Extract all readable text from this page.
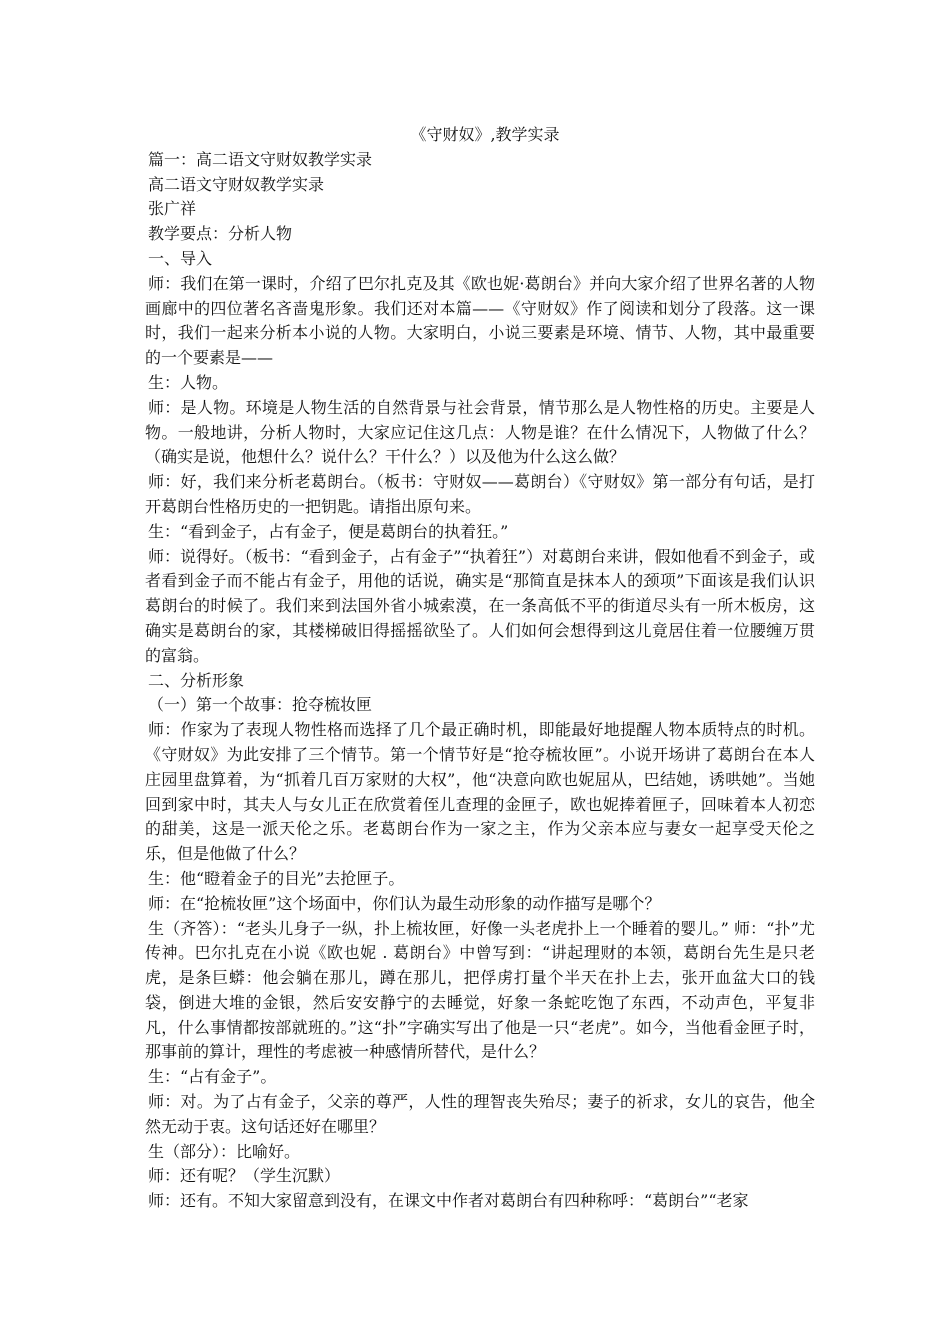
《守财奴》,教学实录

篇一：高二语文守财奴教学实录

高二语文守财奴教学实录

张广祥

教学要点：分析人物

一、导入

师：我们在第一课时，介绍了巴尔扎克及其《欧也妮·葛朗台》并向大家介绍了世界名著的人物画廊中的四位著名吝啬鬼形象。我们还对本篇——《守财奴》作了阅读和划分了段落。这一课时，我们一起来分析本小说的人物。大家明白，小说三要素是环境、情节、人物，其中最重要的一个要素是——

生：人物。

师：是人物。环境是人物生活的自然背景与社会背景，情节那么是人物性格的历史。主要是人物。一般地讲，分析人物时，大家应记住这几点：人物是谁？在什么情况下，人物做了什么？（确实是说，他想什么？说什么？干什么？）以及他为什么这么做？

师：好，我们来分析老葛朗台。（板书：守财奴——葛朗台）《守财奴》第一部分有句话，是打开葛朗台性格历史的一把钥匙。请指出原句来。

生：“看到金子，占有金子，便是葛朗台的执着狂。”

师：说得好。（板书：“看到金子，占有金子”“执着狂”）对葛朗台来讲，假如他看不到金子，或者看到金子而不能占有金子，用他的话说，确实是“那简直是抹本人的颈项”下面该是我们认识葛朗台的时候了。我们来到法国外省小城索漠，在一条高低不平的街道尽头有一所木板房，这确实是葛朗台的家，其楼梯破旧得摇摇欲坠了。人们如何会想得到这儿竟居住着一位腰缠万贯的富翁。

二、分析形象

（一）第一个故事：抢夺梳妆匣

师：作家为了表现人物性格而选择了几个最正确时机，即能最好地提醒人物本质特点的时机。《守财奴》为此安排了三个情节。第一个情节好是“抢夺梳妆匣”。小说开场讲了葛朗台在本人庄园里盘算着，为“抓着几百万家财的大权”，他“决意向欧也妮屈从，巴结她，诱哄她”。当她回到家中时，其夫人与女儿正在欣赏着侄儿查理的金匣子，欧也妮捧着匣子，回味着本人初恋的甜美，这是一派天伦之乐。老葛朗台作为一家之主，作为父亲本应与妻女一起享受天伦之乐，但是他做了什么？

生：他“瞪着金子的目光”去抢匣子。

师：在“抢梳妆匣”这个场面中，你们认为最生动形象的动作描写是哪个？

生（齐答）：“老头儿身子一纵，扑上梳妆匣，好像一头老虎扑上一个睡着的婴儿。” 师：“扑”尤传神。巴尔扎克在小说《欧也妮 . 葛朗台》中曾写到：“讲起理财的本领，葛朗台先生是只老虎，是条巨蟒：他会躺在那儿，蹲在那儿，把俘虏打量个半天在扑上去，张开血盆大口的钱袋，倒进大堆的金银，然后安安静宁的去睡觉，好象一条蛇吃饱了东西，不动声色，平复非凡，什么事情都按部就班的。”这“扑”字确实写出了他是一只“老虎”。如今，当他看金匣子时，那事前的算计，理性的考虑被一种感情所替代，是什么？

生：“占有金子”。

师：对。为了占有金子，父亲的尊严，人性的理智丧失殆尽；妻子的祈求，女儿的哀告，他全然无动于衷。这句话还好在哪里？

生（部分）：比喻好。

师：还有呢？（学生沉默）

师：还有。不知大家留意到没有，在课文中作者对葛朗台有四种称呼：“葛朗台”“老家
